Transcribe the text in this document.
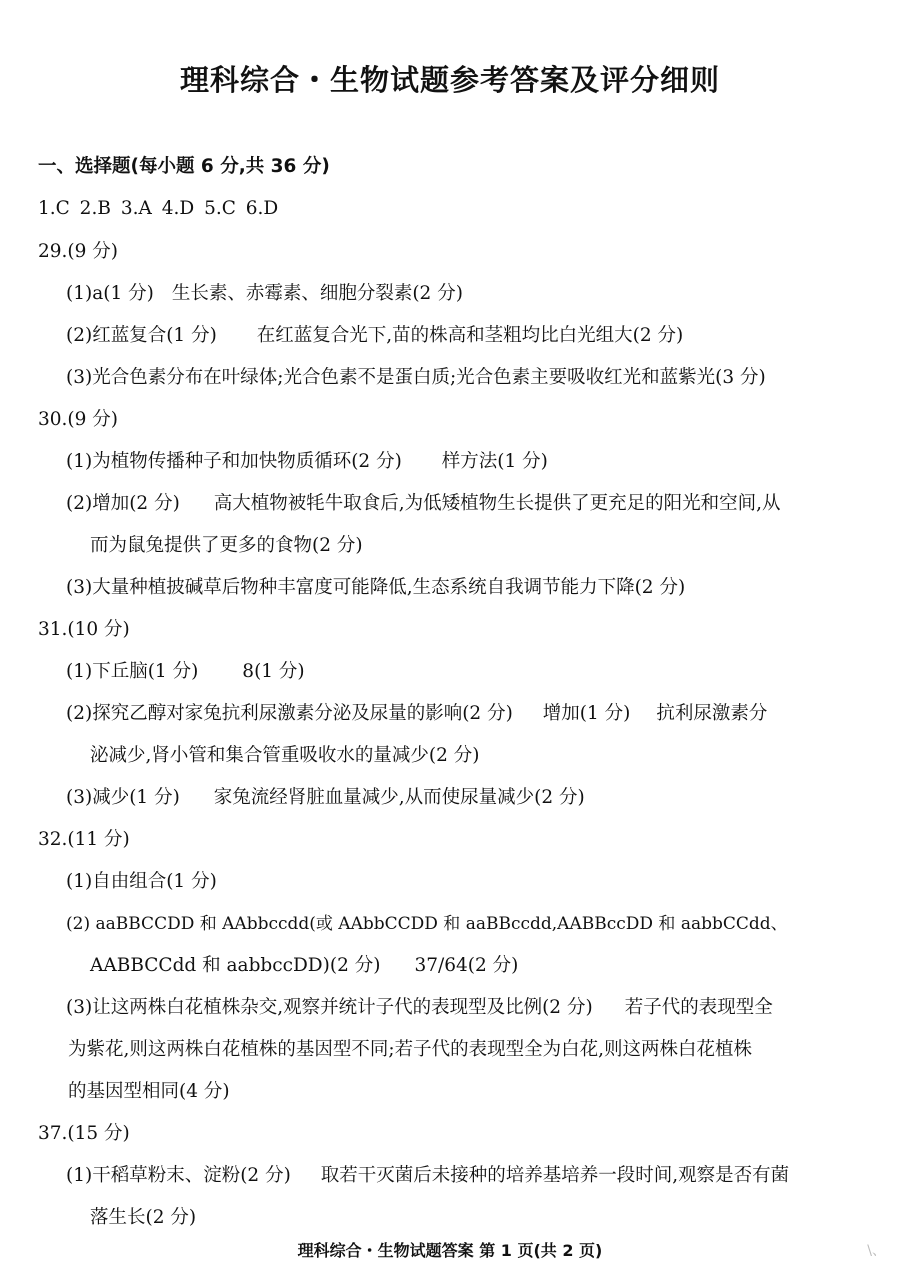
理科综合・生物试题参考答案及评分细则
一、选择题(每小题 6 分,共 36 分)
1.C 2.B 3.A 4.D 5.C 6.D
29.(9 分)
(1)a(1 分) 生长素、赤霉素、细胞分裂素(2 分)
(2)红蓝复合(1 分) 在红蓝复合光下,苗的株高和茎粗均比白光组大(2 分)
(3)光合色素分布在叶绿体;光合色素不是蛋白质;光合色素主要吸收红光和蓝紫光(3 分)
30.(9 分)
(1)为植物传播种子和加快物质循环(2 分) 样方法(1 分)
(2)增加(2 分) 高大植物被牦牛取食后,为低矮植物生长提供了更充足的阳光和空间,从
而为鼠兔提供了更多的食物(2 分)
(3)大量种植披碱草后物种丰富度可能降低,生态系统自我调节能力下降(2 分)
31.(10 分)
(1)下丘脑(1 分) 8(1 分)
(2)探究乙醇对家兔抗利尿激素分泌及尿量的影响(2 分) 增加(1 分) 抗利尿激素分
泌减少,肾小管和集合管重吸收水的量减少(2 分)
(3)减少(1 分) 家兔流经肾脏血量减少,从而使尿量减少(2 分)
32.(11 分)
(1)自由组合(1 分)
(2) aaBBCCDD 和 AAbbccdd(或 AAbbCCDD 和 aaBBccdd,AABBccDD 和 aabbCCdd、
AABBCCdd 和 aabbccDD)(2 分) 37/64(2 分)
(3)让这两株白花植株杂交,观察并统计子代的表现型及比例(2 分) 若子代的表现型全
为紫花,则这两株白花植株的基因型不同;若子代的表现型全为白花,则这两株白花植株
的基因型相同(4 分)
37.(15 分)
(1)干稻草粉末、淀粉(2 分) 取若干灭菌后未接种的培养基培养一段时间,观察是否有菌
落生长(2 分)
理科综合・生物试题答案 第 1 页(共 2 页)	\、
